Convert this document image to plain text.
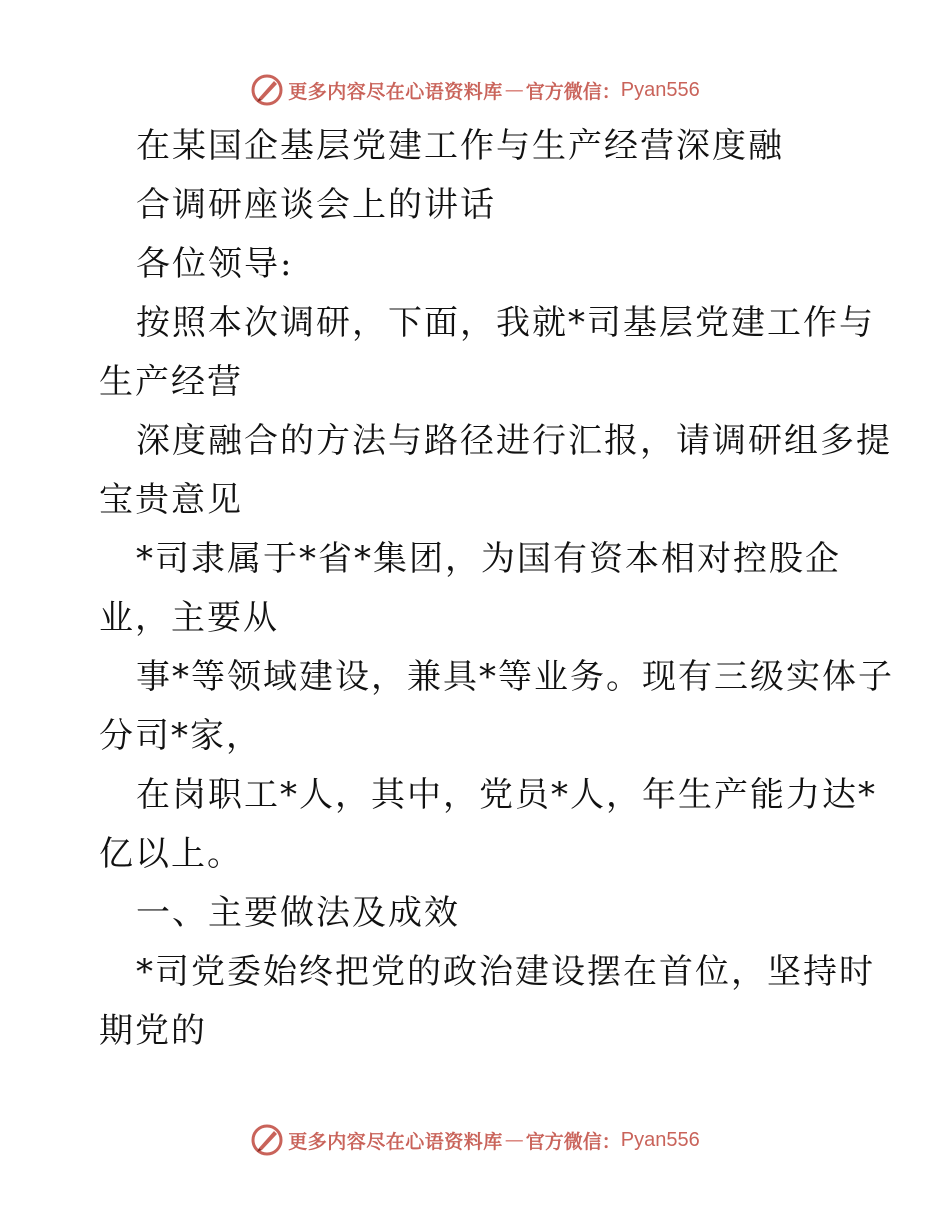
更多内容尽在心语资料库 — 官方微信： Pyan556
在某国企基层党建工作与生产经营深度融
合调研座谈会上的讲话
各位领导:
按照本次调研，下面，我就*司基层党建工作与
生产经营
深度融合的方法与路径进行汇报，请调研组多提
宝贵意见
*司隶属于*省*集团，为国有资本相对控股企
业，主要从
事*等领域建设，兼具*等业务。现有三级实体子
分司*家，
在岗职工*人，其中，党员*人，年生产能力达*
亿以上。
一、主要做法及成效
*司党委始终把党的政治建设摆在首位，坚持时
期党的
更多内容尽在心语资料库 — 官方微信： Pyan556
